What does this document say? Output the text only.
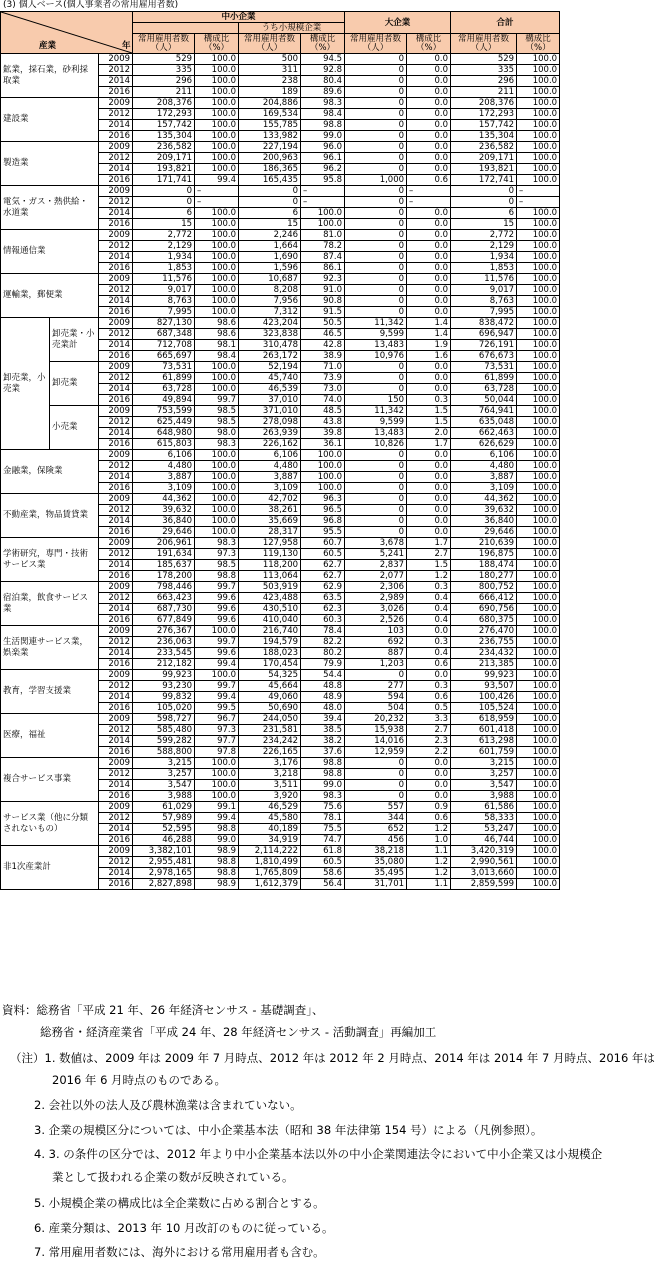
(3) 個人ベース(個人事業者の常用雇用者数)
産業 年			中小企業				大企業		合計		
					うち小規模企業						
			常用雇用者数（人）	構成比（%）	常用雇用者数（人）	構成比（%）	常用雇用者数（人）	構成比（%）	常用雇用者数（人）	構成比（%）	
鉱業，採石業，砂利採取業		2009	529	100.0	500	94.5	0	0.0	529	100.0	
		2012	335	100.0	311	92.8	0	0.0	335	100.0	
		2014	296	100.0	238	80.4	0	0.0	296	100.0	
		2016	211	100.0	189	89.6	0	0.0	211	100.0	
建設業		2009	208,376	100.0	204,886	98.3	0	0.0	208,376	100.0	
		2012	172,293	100.0	169,534	98.4	0	0.0	172,293	100.0	
		2014	157,742	100.0	155,785	98.8	0	0.0	157,742	100.0	
		2016	135,304	100.0	133,982	99.0	0	0.0	135,304	100.0	
製造業		2009	236,582	100.0	227,194	96.0	0	0.0	236,582	100.0	
		2012	209,171	100.0	200,963	96.1	0	0.0	209,171	100.0	
		2014	193,821	100.0	186,365	96.2	0	0.0	193,821	100.0	
		2016	171,741	99.4	165,435	95.8	1,000	0.6	172,741	100.0	
電気・ガス・熱供給・水道業		2009	0	–	0	–	0	–	0	–	
		2012	0	–	0	–	0	–	0	–	
		2014	6	100.0	6	100.0	0	0.0	6	100.0	
		2016	15	100.0	15	100.0	0	0.0	15	100.0	
情報通信業		2009	2,772	100.0	2,246	81.0	0	0.0	2,772	100.0	
		2012	2,129	100.0	1,664	78.2	0	0.0	2,129	100.0	
		2014	1,934	100.0	1,690	87.4	0	0.0	1,934	100.0	
		2016	1,853	100.0	1,596	86.1	0	0.0	1,853	100.0	
運輸業，郵便業		2009	11,576	100.0	10,687	92.3	0	0.0	11,576	100.0	
		2012	9,017	100.0	8,208	91.0	0	0.0	9,017	100.0	
		2014	8,763	100.0	7,956	90.8	0	0.0	8,763	100.0	
		2016	7,995	100.0	7,312	91.5	0	0.0	7,995	100.0	
卸売業，小売業	卸売業・小売業計	2009	827,130	98.6	423,204	50.5	11,342	1.4	838,472	100.0	
		2012	687,348	98.6	323,838	46.5	9,599	1.4	696,947	100.0	
		2014	712,708	98.1	310,478	42.8	13,483	1.9	726,191	100.0	
		2016	665,697	98.4	263,172	38.9	10,976	1.6	676,673	100.0	
	卸売業	2009	73,531	100.0	52,194	71.0	0	0.0	73,531	100.0	
		2012	61,899	100.0	45,740	73.9	0	0.0	61,899	100.0	
		2014	63,728	100.0	46,539	73.0	0	0.0	63,728	100.0	
		2016	49,894	99.7	37,010	74.0	150	0.3	50,044	100.0	
	小売業	2009	753,599	98.5	371,010	48.5	11,342	1.5	764,941	100.0	
		2012	625,449	98.5	278,098	43.8	9,599	1.5	635,048	100.0	
		2014	648,980	98.0	263,939	39.8	13,483	2.0	662,463	100.0	
		2016	615,803	98.3	226,162	36.1	10,826	1.7	626,629	100.0	
金融業，保険業		2009	6,106	100.0	6,106	100.0	0	0.0	6,106	100.0	
		2012	4,480	100.0	4,480	100.0	0	0.0	4,480	100.0	
		2014	3,887	100.0	3,887	100.0	0	0.0	3,887	100.0	
		2016	3,109	100.0	3,109	100.0	0	0.0	3,109	100.0	
不動産業，物品賃貸業		2009	44,362	100.0	42,702	96.3	0	0.0	44,362	100.0	
		2012	39,632	100.0	38,261	96.5	0	0.0	39,632	100.0	
		2014	36,840	100.0	35,669	96.8	0	0.0	36,840	100.0	
		2016	29,646	100.0	28,317	95.5	0	0.0	29,646	100.0	
学術研究，専門・技術サービス業		2009	206,961	98.3	127,958	60.7	3,678	1.7	210,639	100.0	
		2012	191,634	97.3	119,130	60.5	5,241	2.7	196,875	100.0	
		2014	185,637	98.5	118,200	62.7	2,837	1.5	188,474	100.0	
		2016	178,200	98.8	113,064	62.7	2,077	1.2	180,277	100.0	
宿泊業，飲食サービス業		2009	798,446	99.7	503,919	62.9	2,306	0.3	800,752	100.0	
		2012	663,423	99.6	423,488	63.5	2,989	0.4	666,412	100.0	
		2014	687,730	99.6	430,510	62.3	3,026	0.4	690,756	100.0	
		2016	677,849	99.6	410,040	60.3	2,526	0.4	680,375	100.0	
生活関連サービス業，娯楽業		2009	276,367	100.0	216,740	78.4	103	0.0	276,470	100.0	
		2012	236,063	99.7	194,579	82.2	692	0.3	236,755	100.0	
		2014	233,545	99.6	188,023	80.2	887	0.4	234,432	100.0	
		2016	212,182	99.4	170,454	79.9	1,203	0.6	213,385	100.0	
教育，学習支援業		2009	99,923	100.0	54,325	54.4	0	0.0	99,923	100.0	
		2012	93,230	99.7	45,664	48.8	277	0.3	93,507	100.0	
		2014	99,832	99.4	49,060	48.9	594	0.6	100,426	100.0	
		2016	105,020	99.5	50,690	48.0	504	0.5	105,524	100.0	
医療，福祉		2009	598,727	96.7	244,050	39.4	20,232	3.3	618,959	100.0	
		2012	585,480	97.3	231,581	38.5	15,938	2.7	601,418	100.0	
		2014	599,282	97.7	234,242	38.2	14,016	2.3	613,298	100.0	
		2016	588,800	97.8	226,165	37.6	12,959	2.2	601,759	100.0	
複合サービス事業		2009	3,215	100.0	3,176	98.8	0	0.0	3,215	100.0	
		2012	3,257	100.0	3,218	98.8	0	0.0	3,257	100.0	
		2014	3,547	100.0	3,511	99.0	0	0.0	3,547	100.0	
		2016	3,988	100.0	3,920	98.3	0	0.0	3,988	100.0	
サービス業（他に分類されないもの）		2009	61,029	99.1	46,529	75.6	557	0.9	61,586	100.0	
		2012	57,989	99.4	45,580	78.1	344	0.6	58,333	100.0	
		2014	52,595	98.8	40,189	75.5	652	1.2	53,247	100.0	
		2016	46,288	99.0	34,919	74.7	456	1.0	46,744	100.0	
非1次産業計		2009	3,382,101	98.9	2,114,222	61.8	38,218	1.1	3,420,319	100.0	
		2012	2,955,481	98.8	1,810,499	60.5	35,080	1.2	2,990,561	100.0	
		2014	2,978,165	98.8	1,765,809	58.6	35,495	1.2	3,013,660	100.0	
		2016	2,827,898	98.9	1,612,379	56.4	31,701	1.1	2,859,599	100.0	
資料：総務省「平成 21 年、26 年経済センサス - 基礎調査」、
総務省・経済産業省「平成 24 年、28 年経済センサス - 活動調査」再編加工
（注）1. 数値は、2009 年は 2009 年 7 月時点、2012 年は 2012 年 2 月時点、2014 年は 2014 年 7 月時点、2016 年は
2016 年 6 月時点のものである。
2. 会社以外の法人及び農林漁業は含まれていない。
3. 企業の規模区分については、中小企業基本法（昭和 38 年法律第 154 号）による（凡例参照）。
4. 3. の条件の区分では、2012 年より中小企業基本法以外の中小企業関連法令において中小企業又は小規模企
業として扱われる企業の数が反映されている。
5. 小規模企業の構成比は全企業数に占める割合とする。
6. 産業分類は、2013 年 10 月改訂のものに従っている。
7. 常用雇用者数には、海外における常用雇用者も含む。
